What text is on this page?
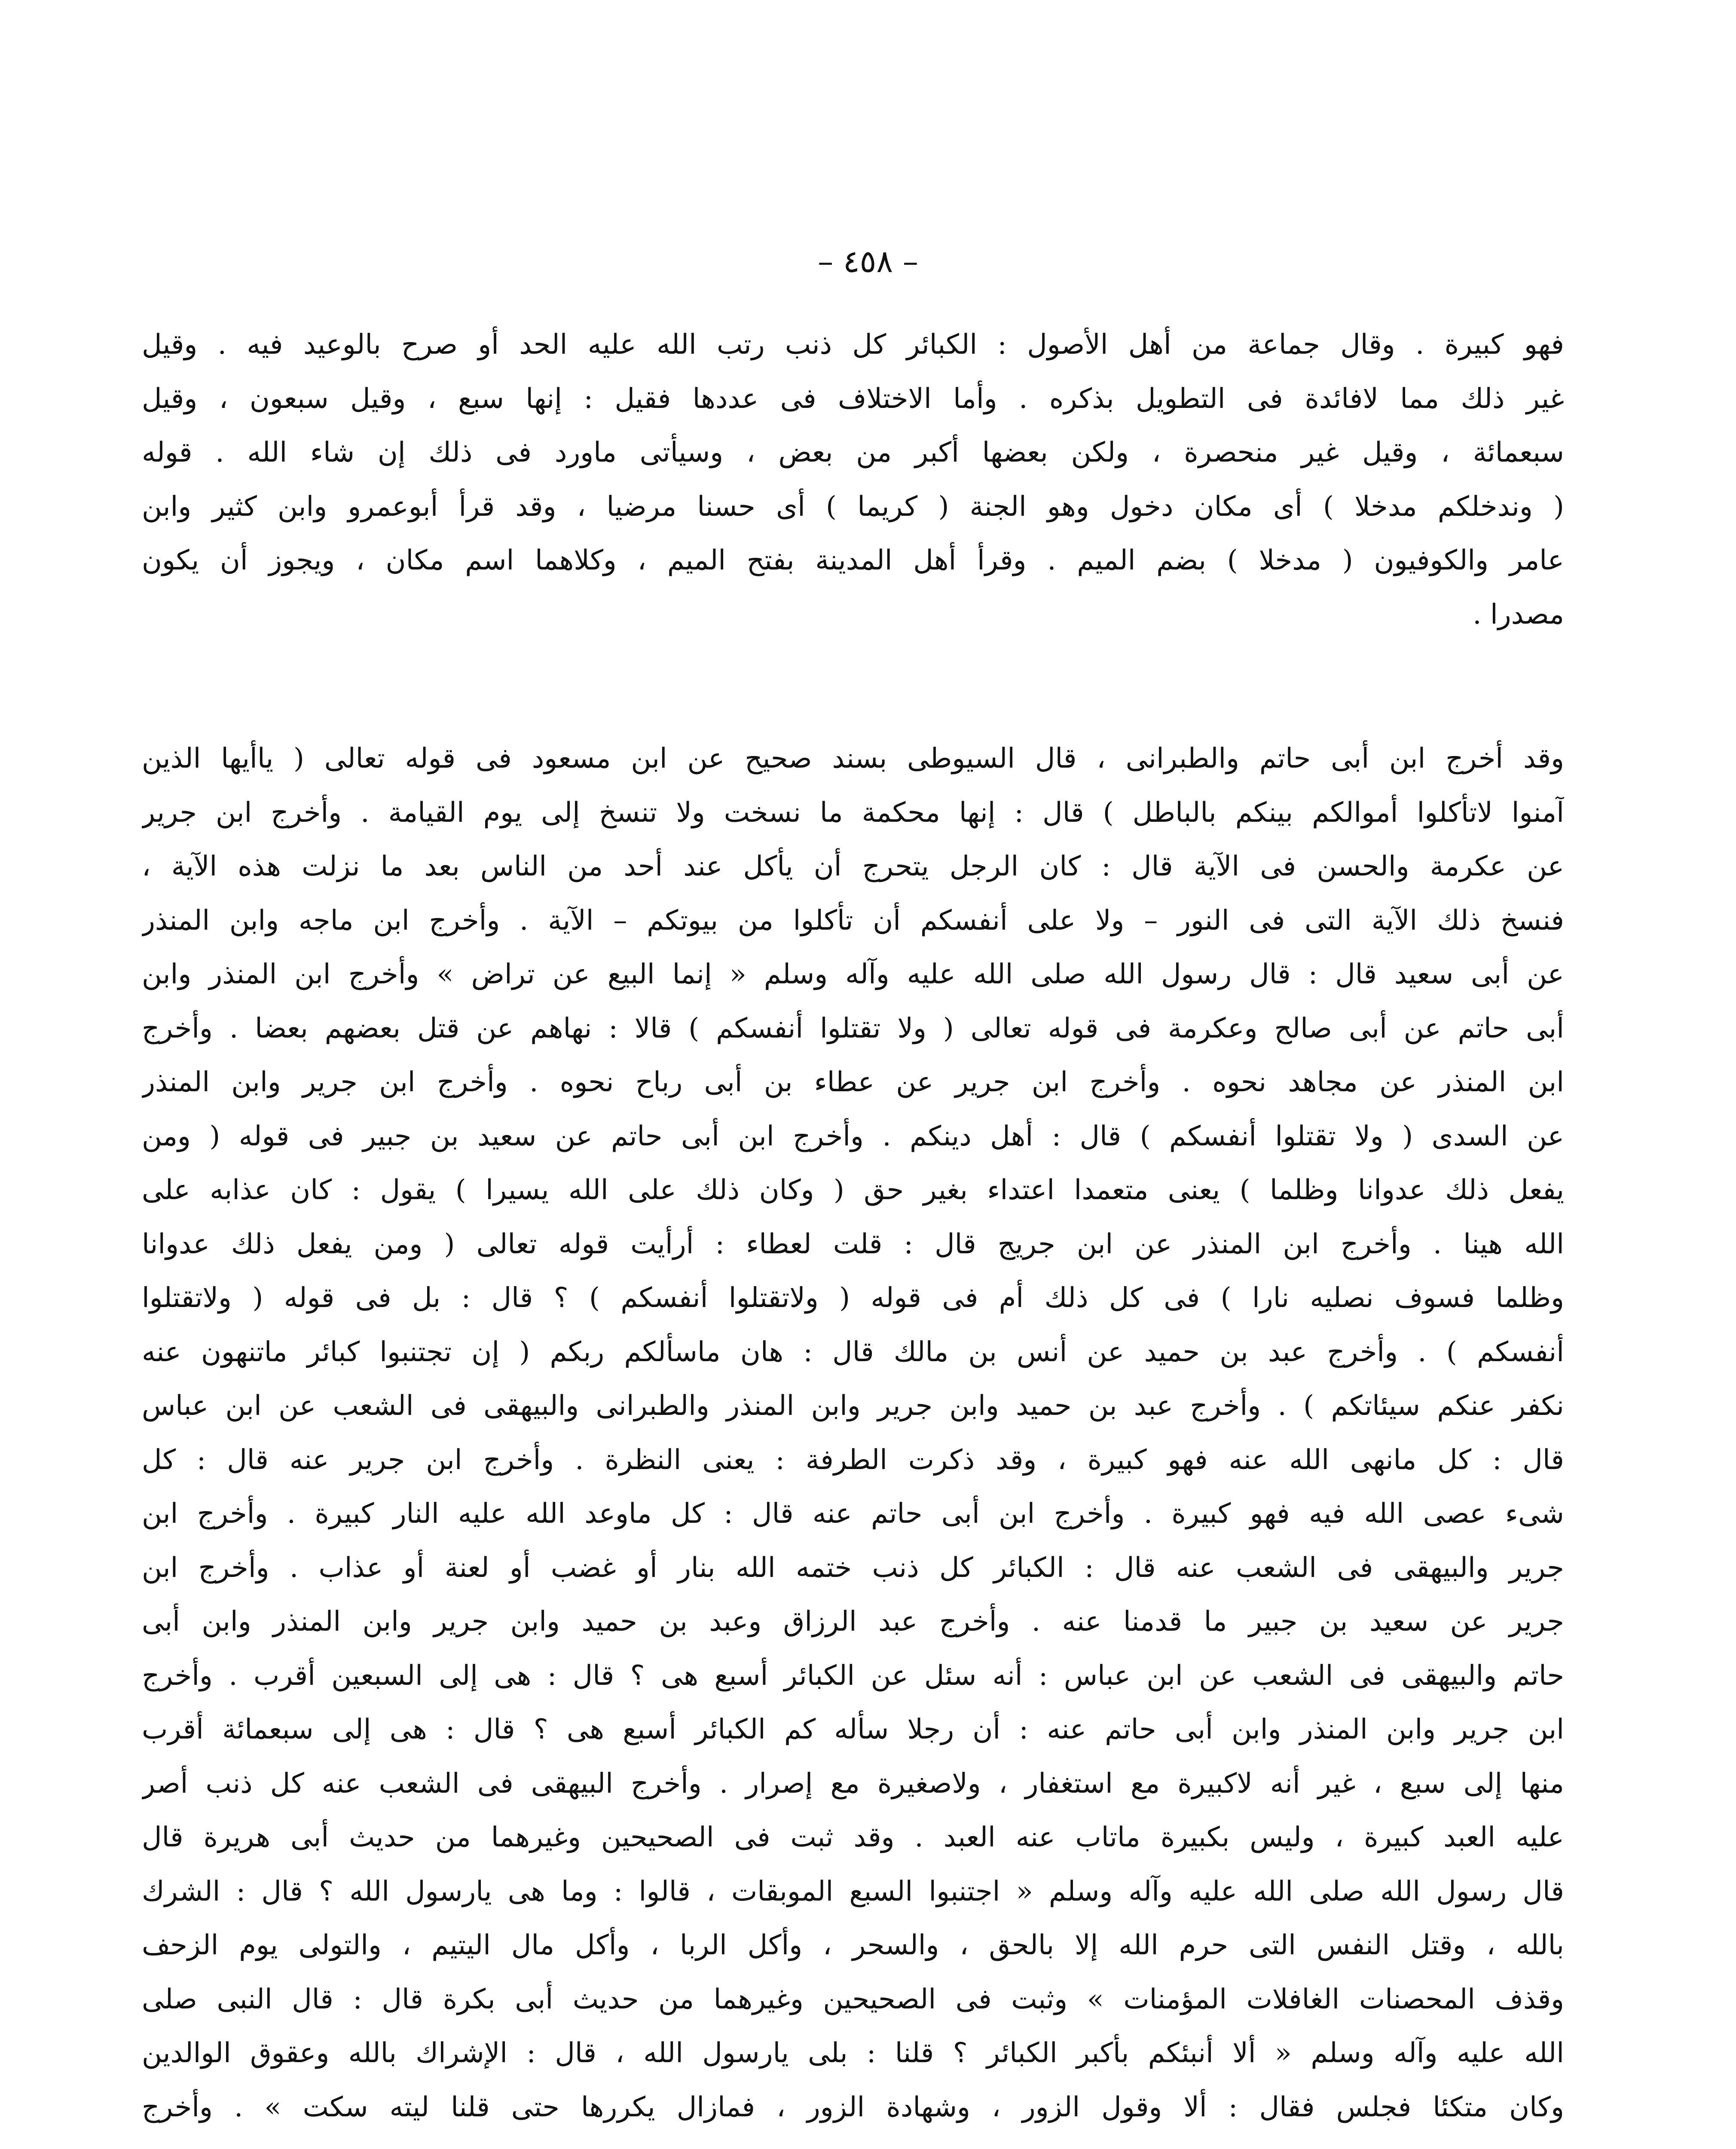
– ٤٥٨ –
فهو كبيرة . وقال جماعة من أهل الأصول : الكبائر كل ذنب رتب الله عليه الحد أو صرح بالوعيد فيه . وقيل
غير ذلك مما لافائدة فى التطويل بذكره . وأما الاختلاف فى عددها فقيل : إنها سبع ، وقيل سبعون ، وقيل
سبعمائة ، وقيل غير منحصرة ، ولكن بعضها أكبر من بعض ، وسيأتى ماورد فى ذلك إن شاء الله . قوله
( وندخلكم مدخلا ) أى مكان دخول وهو الجنة ( كريما ) أى حسنا مرضيا ، وقد قرأ أبوعمرو وابن كثير وابن
عامر والكوفيون ( مدخلا ) بضم الميم . وقرأ أهل المدينة بفتح الميم ، وكلاهما اسم مكان ، ويجوز أن يكون
مصدرا .
وقد أخرج ابن أبى حاتم والطبرانى ، قال السيوطى بسند صحيح عن ابن مسعود فى قوله تعالى ( ياأيها الذين
آمنوا لاتأكلوا أموالكم بينكم بالباطل ) قال : إنها محكمة ما نسخت ولا تنسخ إلى يوم القيامة . وأخرج ابن جرير
عن عكرمة والحسن فى الآية قال : كان الرجل يتحرج أن يأكل عند أحد من الناس بعد ما نزلت هذه الآية ،
فنسخ ذلك الآية التى فى النور – ولا على أنفسكم أن تأكلوا من بيوتكم – الآية . وأخرج ابن ماجه وابن المنذر
عن أبى سعيد قال : قال رسول الله صلى الله عليه وآله وسلم « إنما البيع عن تراض » وأخرج ابن المنذر وابن
أبى حاتم عن أبى صالح وعكرمة فى قوله تعالى ( ولا تقتلوا أنفسكم ) قالا : نهاهم عن قتل بعضهم بعضا . وأخرج
ابن المنذر عن مجاهد نحوه . وأخرج ابن جرير عن عطاء بن أبى رباح نحوه . وأخرج ابن جرير وابن المنذر
عن السدى ( ولا تقتلوا أنفسكم ) قال : أهل دينكم . وأخرج ابن أبى حاتم عن سعيد بن جبير فى قوله ( ومن
يفعل ذلك عدوانا وظلما ) يعنى متعمدا اعتداء بغير حق ( وكان ذلك على الله يسيرا ) يقول : كان عذابه على
الله هينا . وأخرج ابن المنذر عن ابن جريج قال : قلت لعطاء : أرأيت قوله تعالى ( ومن يفعل ذلك عدوانا
وظلما فسوف نصليه نارا ) فى كل ذلك أم فى قوله ( ولاتقتلوا أنفسكم ) ؟ قال : بل فى قوله ( ولاتقتلوا
أنفسكم ) . وأخرج عبد بن حميد عن أنس بن مالك قال : هان ماسألكم ربكم ( إن تجتنبوا كبائر ماتنهون عنه
نكفر عنكم سيئاتكم ) . وأخرج عبد بن حميد وابن جرير وابن المنذر والطبرانى والبيهقى فى الشعب عن ابن عباس
قال : كل مانهى الله عنه فهو كبيرة ، وقد ذكرت الطرفة : يعنى النظرة . وأخرج ابن جرير عنه قال : كل
شىء عصى الله فيه فهو كبيرة . وأخرج ابن أبى حاتم عنه قال : كل ماوعد الله عليه النار كبيرة . وأخرج ابن
جرير والبيهقى فى الشعب عنه قال : الكبائر كل ذنب ختمه الله بنار أو غضب أو لعنة أو عذاب . وأخرج ابن
جرير عن سعيد بن جبير ما قدمنا عنه . وأخرج عبد الرزاق وعبد بن حميد وابن جرير وابن المنذر وابن أبى
حاتم والبيهقى فى الشعب عن ابن عباس : أنه سئل عن الكبائر أسبع هى ؟ قال : هى إلى السبعين أقرب . وأخرج
ابن جرير وابن المنذر وابن أبى حاتم عنه : أن رجلا سأله كم الكبائر أسبع هى ؟ قال : هى إلى سبعمائة أقرب
منها إلى سبع ، غير أنه لاكبيرة مع استغفار ، ولاصغيرة مع إصرار . وأخرج البيهقى فى الشعب عنه كل ذنب أصر
عليه العبد كبيرة ، وليس بكبيرة ماتاب عنه العبد . وقد ثبت فى الصحيحين وغيرهما من حديث أبى هريرة قال
قال رسول الله صلى الله عليه وآله وسلم « اجتنبوا السبع الموبقات ، قالوا : وما هى يارسول الله ؟ قال : الشرك
بالله ، وقتل النفس التى حرم الله إلا بالحق ، والسحر ، وأكل الربا ، وأكل مال اليتيم ، والتولى يوم الزحف
وقذف المحصنات الغافلات المؤمنات » وثبت فى الصحيحين وغيرهما من حديث أبى بكرة قال : قال النبى صلى
الله عليه وآله وسلم « ألا أنبئكم بأكبر الكبائر ؟ قلنا : بلى يارسول الله ، قال : الإشراك بالله وعقوق الوالدين
وكان متكئا فجلس فقال : ألا وقول الزور ، وشهادة الزور ، فمازال يكررها حتى قلنا ليته سكت » . وأخرج
